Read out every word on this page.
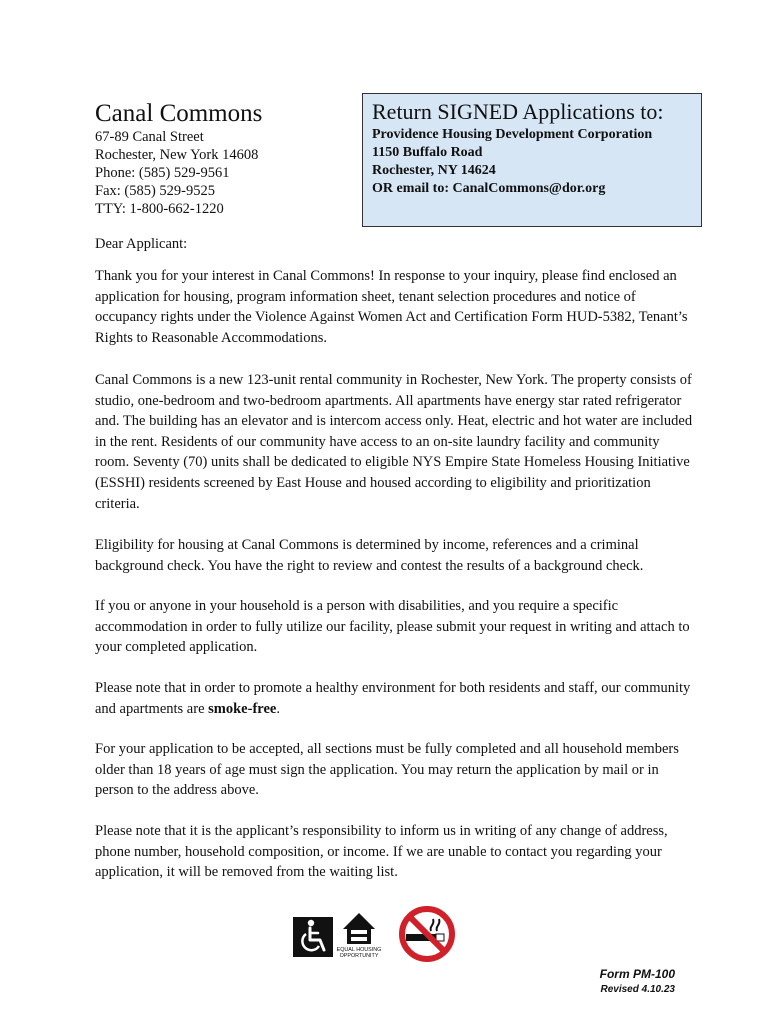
Canal Commons

67-89 Canal Street

Rochester, New York 14608

Phone: (585) 529-9561

Fax: (585) 529-9525

TTY: 1-800-662-1220

Return SIGNED Applications to:

Providence Housing Development Corporation

1150 Buffalo Road

Rochester, NY 14624

OR email to: CanalCommons@dor.org

Dear Applicant:

Thank you for your interest in Canal Commons! In response to your inquiry, please find enclosed an application for housing, program information sheet, tenant selection procedures and notice of occupancy rights under the Violence Against Women Act and Certification Form HUD-5382, Tenant’s Rights to Reasonable Accommodations.

Canal Commons is a new 123-unit rental community in Rochester, New York. The property consists of studio, one-bedroom and two-bedroom apartments. All apartments have energy star rated refrigerator and. The building has an elevator and is intercom access only. Heat, electric and hot water are included in the rent. Residents of our community have access to an on-site laundry facility and community room. Seventy (70) units shall be dedicated to eligible NYS Empire State Homeless Housing Initiative (ESSHI) residents screened by East House and housed according to eligibility and prioritization criteria.

Eligibility for housing at Canal Commons is determined by income, references and a criminal background check. You have the right to review and contest the results of a background check.

If you or anyone in your household is a person with disabilities, and you require a specific accommodation in order to fully utilize our facility, please submit your request in writing and attach to your completed application.

Please note that in order to promote a healthy environment for both residents and staff, our community and apartments are smoke-free.

For your application to be accepted, all sections must be fully completed and all household members older than 18 years of age must sign the application. You may return the application by mail or in person to the address above.

Please note that it is the applicant’s responsibility to inform us in writing of any change of address, phone number, household composition, or income. If we are unable to contact you regarding your application, it will be removed from the waiting list.

EQUAL HOUSING
OPPORTUNITY

Form PM-100

Revised 4.10.23
